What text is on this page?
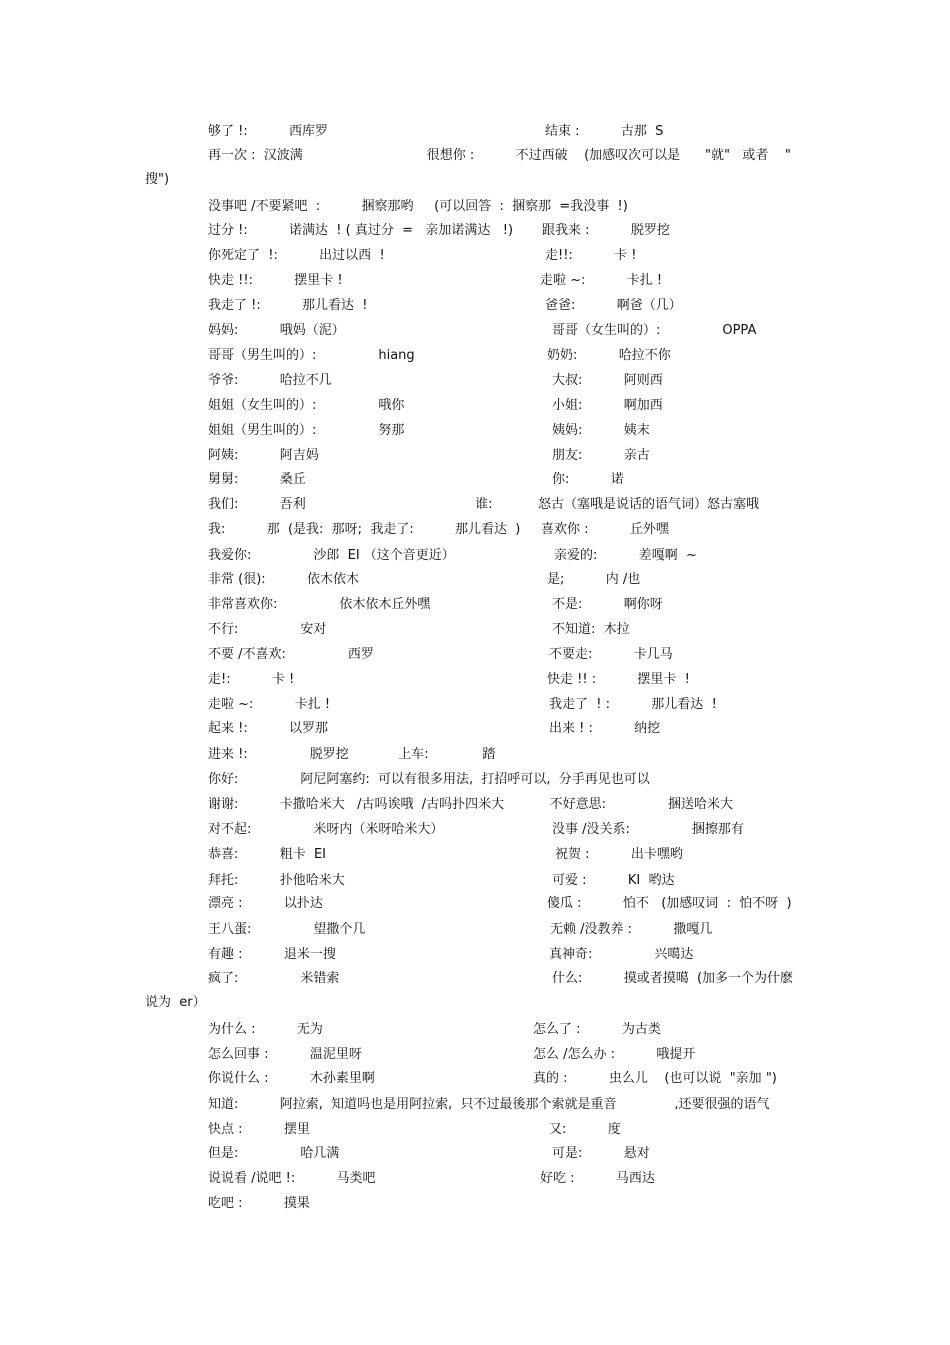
够了 !:          西库罗	结束 :          古那  S
再一次 :  汉波满                              很想你 :          不过西破    (加感叹次可以是      "就"   或者    "
搜")
没事吧 /不要紧吧  :          捆察那哟     (可以回答  :  捆察那  =我没事  !)
过分 !:          诺满达  ! ( 真过分  =   亲加诺满达   !)       跟我来 :          脱罗挖
你死定了  !:          出过以西  !	走!!:          卡 !
快走 !!:          摆里卡 !	走啦 ~:          卡扎 !
我走了 !:          那儿看达  !	爸爸:          啊爸（几）
妈妈:          哦妈（泥）	哥哥（女生叫的）:               OPPA
哥哥（男生叫的）:               hiang	奶奶:          哈拉不你
爷爷:          哈拉不几	大叔:          阿则西
姐姐（女生叫的）:               哦你	小姐:          啊加西
姐姐（男生叫的）:               努那	姨妈:          姨末
阿姨:          阿吉妈	朋友:          亲古
舅舅:          桑丘	你:          诺
我们:          吾利                                         谁:           怒古（塞哦是说话的语气词）怒古塞哦
我:          那  (是我:  那呀;  我走了:          那儿看达  )     喜欢你 :          丘外嘿
我爱你:               沙郎  EI （这个音更近）	亲爱的:          差嘎啊  ~
非常 (很):          依木依木	是;          内 /也
非常喜欢你:               依木依木丘外嘿	不是:          啊你呀
不行:               安对	不知道:  木拉
不要 /不喜欢:               西罗	不要走:          卡几马
走!:          卡 !	快走 !! :          摆里卡  !
走啦 ~:          卡扎 !	我走了  ! :          那儿看达  !
起来 !:          以罗那	出来 ! :          纳挖
进来 !:               脱罗挖            上车:             踏
你好:               阿尼阿塞约:  可以有很多用法,  打招呼可以,  分手再见也可以
谢谢:          卡撒哈米大   /古吗诶哦  /古吗扑四米大           不好意思:               捆送哈米大
对不起:               米呀内（米呀哈米大）	没事 /没关系:               捆擦那有
恭喜:          粗卡  EI	祝贺 :          出卡嘿哟
拜托:          扑他哈米大	可爱 :          KI  哟达
漂亮 :          以扑达	傻瓜 :          怕不   (加感叹词  :  怕不呀  )
王八蛋:               望撒个几	无赖 /没教养 :          撒嘎几
有趣 :          退米一搜	真神奇:               兴噶达
疯了:               米错索	什么:          摸或者摸噶  (加多一个为什麽
说为  er）
为什么 :          无为	怎么了 :          为古类
怎么回事 :          温泥里呀	怎么 /怎么办 :          哦提开
你说什么 :          木孙素里啊	真的 :          虫么儿    (也可以说  "亲加 ")
知道:          阿拉索,  知道吗也是用阿拉索,  只不过最後那个索就是重音              ,还要很强的语气
快点 :          摆里	又:          度
但是:               哈几满	可是:          悬对
说说看 /说吧 !:          马类吧	好吃 :          马西达
吃吧 :          摸果
